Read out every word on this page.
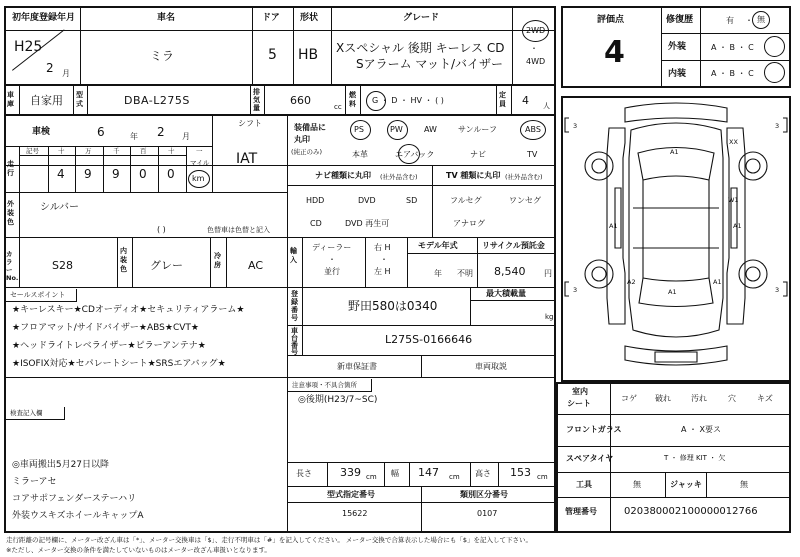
初年度登録年月
H25
2 月
車名
ミラ
ドア
5
形状
HB
グレード
Xスペシャル 後期 キーレス CD
Sアラーム マット/バイザー
2WD
・
4WD
評価点
4
修復歴	有 ・ 無
外装	A ・ B ・ C
内装	A ・ B ・ C
車庫 自家用 型式	DBA-L275S
排気量
660	cc
燃料	G ・ D ・ HV ・ ( )
定員 4 人
車検	6	年 2 月
シフト
IAT
走行
記号	十	万	千	百	十	一
4 9 9 0 0
マイル
km
装備品に
丸印
(純正のみ)
PS	PW	AW	サンルーフ	ABS
本革	エアバック	ナビ	TV
ナビ種類に丸印 (社外品含む)
HDD	DVD	SD
CD	DVD 再生可
TV 種類に丸印 (社外品含む)
フルセグ	ワンセグ
アナログ
外装色
シルバー
( )	色替車は色替と記入
カラーNo.
S28
内装色 グレー
冷房 AC
輸入
ディーラー
・
並行
右 H
・
左 H
モデル年式
年 不明
リサイクル預託金
8,540 円
セールスポイント
★キーレスキー★CDオーディオ★セキュリティアラーム★
★フロアマット/サイドバイザー★ABS★CVT★
★ヘッドライトレベライザー★ピラーアンテナ★
★ISOFIX対応★セパレートシート★SRSエアバッグ★
登録番号
野田580は0340
最大積載量
kg
車台番号
L275S-0166646
新車保証書	車両取説
注意事項・不具合箇所
◎後期(H23/7~SC)
検査記入欄
◎車両搬出5月27日以降
ミラーアセ
コアサポフェンダーステーハリ
外装ウスキズホイールキャップA
長さ	339 cm 幅 147 cm 高さ 153 cm
型式指定番号
15622
類別区分番号
0107
室内
シート
コゲ 破れ	汚れ	穴	キズ
フロントガラス	A ・ X要ス
スペアタイヤ	T ・ 修理 KIT ・ 欠
工具	無	ジャッキ	無
管理番号	020380002100000012766
3	3
3	3
A1
XX
A1
W1
A1
A1
A2	A1
走行距離の記号欄に、メーター改ざん車は「*」、メーター交換車は「$」、走行不明車は「#」を記入してください。 メーター交換で合算表示した場合にも「$」を記入して下さい。
※ただし、メーター交換の条件を満たしていないものはメーター改ざん車扱いとなります。
